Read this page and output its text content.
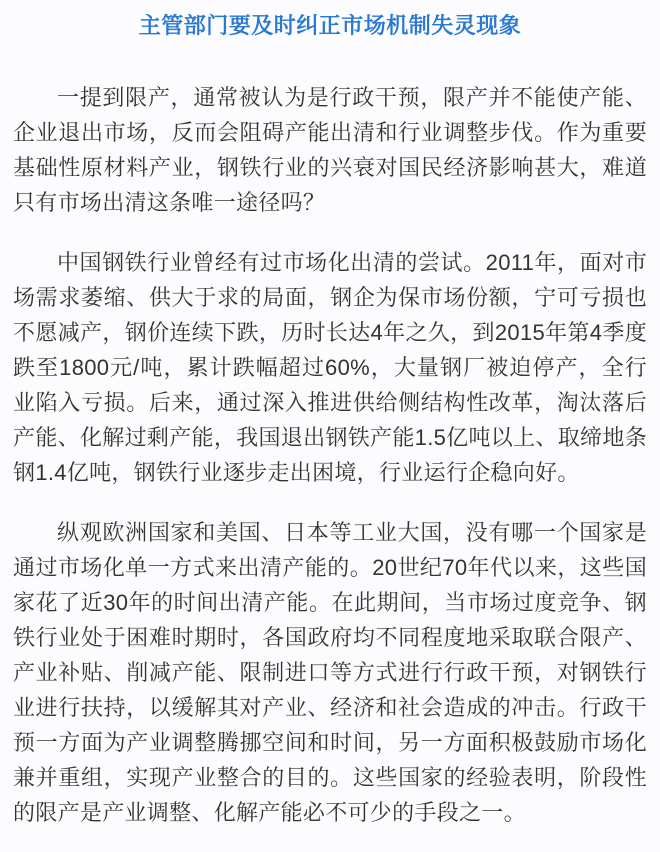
主管部门要及时纠正市场机制失灵现象

一提到限产，通常被认为是行政干预，限产并不能使产能、企业退出市场，反而会阻碍产能出清和行业调整步伐。作为重要基础性原材料产业，钢铁行业的兴衰对国民经济影响甚大，难道只有市场出清这条唯一途径吗？

中国钢铁行业曾经有过市场化出清的尝试。2011年，面对市场需求萎缩、供大于求的局面，钢企为保市场份额，宁可亏损也不愿减产，钢价连续下跌，历时长达4年之久，到2015年第4季度跌至1800元/吨，累计跌幅超过60%，大量钢厂被迫停产，全行业陷入亏损。后来，通过深入推进供给侧结构性改革，淘汰落后产能、化解过剩产能，我国退出钢铁产能1.5亿吨以上、取缔地条钢1.4亿吨，钢铁行业逐步走出困境，行业运行企稳向好。

纵观欧洲国家和美国、日本等工业大国，没有哪一个国家是通过市场化单一方式来出清产能的。20世纪70年代以来，这些国家花了近30年的时间出清产能。在此期间，当市场过度竞争、钢铁行业处于困难时期时，各国政府均不同程度地采取联合限产、产业补贴、削减产能、限制进口等方式进行行政干预，对钢铁行业进行扶持，以缓解其对产业、经济和社会造成的冲击。行政干预一方面为产业调整腾挪空间和时间，另一方面积极鼓励市场化兼并重组，实现产业整合的目的。这些国家的经验表明，阶段性的限产是产业调整、化解产能必不可少的手段之一。
